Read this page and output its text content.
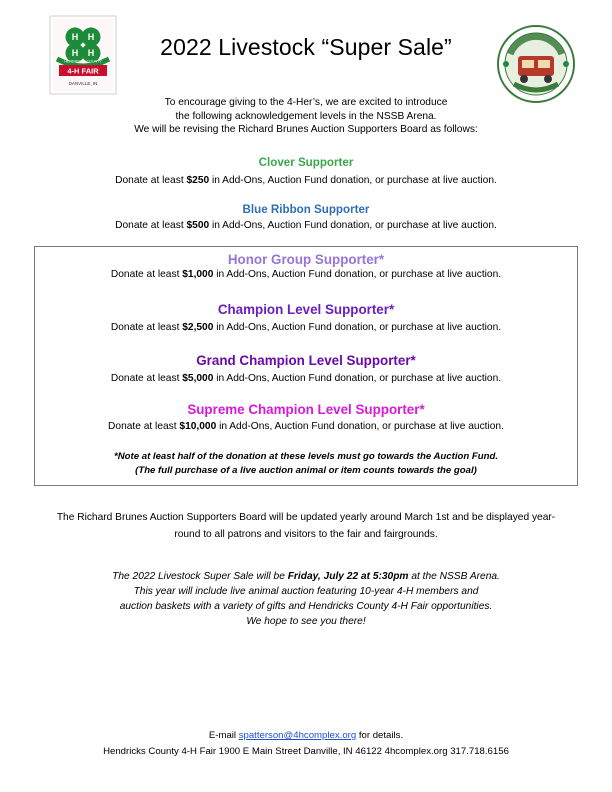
H H
H H
4-H FAIR
DANVILLE, IN
HENDRICKS COUNTY
2022 Livestock “Super Sale”
To encourage giving to the 4-Her’s, we are excited to introduce
the following acknowledgement levels in the NSSB Arena.
We will be revising the Richard Brunes Auction Supporters Board as follows:
Clover Supporter
Donate at least $250 in Add-Ons, Auction Fund donation, or purchase at live auction.
Blue Ribbon Supporter
Donate at least $500 in Add-Ons, Auction Fund donation, or purchase at live auction.
Honor Group Supporter*
Donate at least $1,000 in Add-Ons, Auction Fund donation, or purchase at live auction.
Champion Level Supporter*
Donate at least $2,500 in Add-Ons, Auction Fund donation, or purchase at live auction.
Grand Champion Level Supporter*
Donate at least $5,000 in Add-Ons, Auction Fund donation, or purchase at live auction.
Supreme Champion Level Supporter*
Donate at least $10,000 in Add-Ons, Auction Fund donation, or purchase at live auction.
*Note at least half of the donation at these levels must go towards the Auction Fund.
(The full purchase of a live auction animal or item counts towards the goal)
The Richard Brunes Auction Supporters Board will be updated yearly around March 1st and be displayed year-
round to all patrons and visitors to the fair and fairgrounds.
The 2022 Livestock Super Sale will be Friday, July 22 at 5:30pm at the NSSB Arena.
This year will include live animal auction featuring 10-year 4-H members and
auction baskets with a variety of gifts and Hendricks County 4-H Fair opportunities.
We hope to see you there!
E-mail spatterson@4hcomplex.org for details.
Hendricks County 4-H Fair 1900 E Main Street Danville, IN 46122 4hcomplex.org 317.718.6156
